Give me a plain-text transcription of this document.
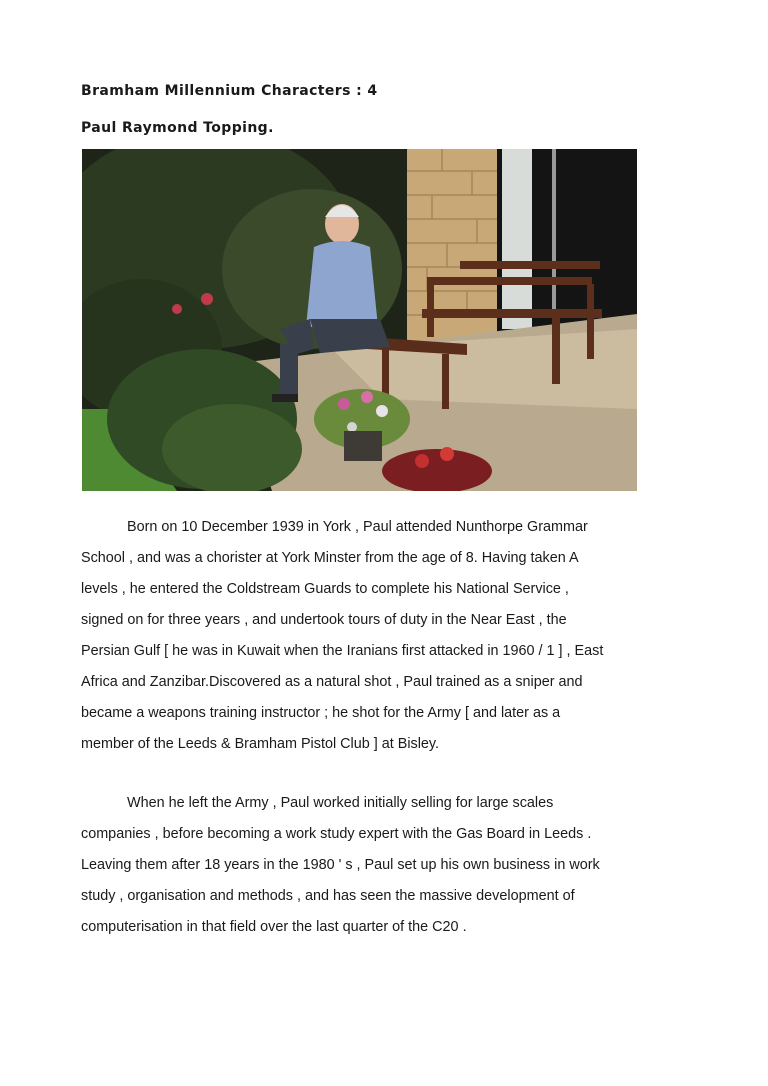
Bramham Millennium Characters : 4
Paul Raymond Topping.

Born on 10 December 1939 in York , Paul attended Nunthorpe Grammar
School , and was a chorister at York Minster from the age of 8. Having taken A
levels , he entered the Coldstream Guards to complete his National Service ,
signed on for three years , and undertook tours of duty in the Near East , the
Persian Gulf [ he was in Kuwait when the Iranians first attacked in 1960 / 1 ] , East
Africa and Zanzibar.Discovered as a natural shot , Paul trained as a sniper and
became a weapons training instructor ; he shot for the Army [ and later as a
member of the Leeds & Bramham Pistol Club ] at Bisley.

When he left the Army , Paul worked initially selling for large scales
companies , before becoming a work study expert with the Gas Board in Leeds .
Leaving them after 18 years in the 1980 ' s , Paul set up his own business in work
study , organisation and methods , and has seen the massive development of
computerisation in that field over the last quarter of the C20 .
